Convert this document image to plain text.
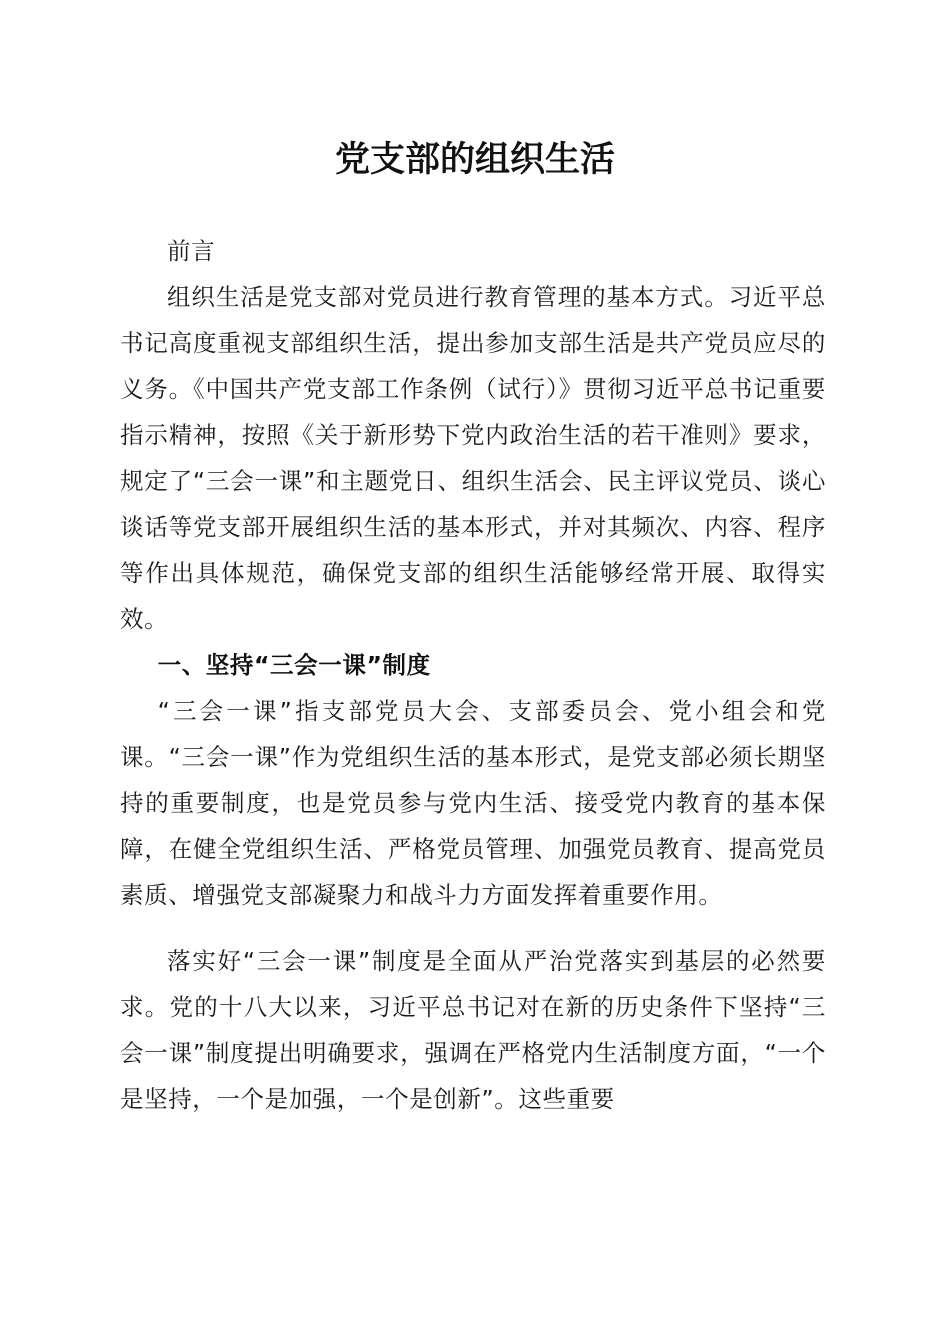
党支部的组织生活

前言

组织生活是党支部对党员进行教育管理的基本方式。习近平总书记高度重视支部组织生活，提出参加支部生活是共产党员应尽的义务。《中国共产党支部工作条例（试行）》贯彻习近平总书记重要指示精神，按照《关于新形势下党内政治生活的若干准则》要求，规定了“三会一课”和主题党日、组织生活会、民主评议党员、谈心谈话等党支部开展组织生活的基本形式，并对其频次、内容、程序等作出具体规范，确保党支部的组织生活能够经常开展、取得实效。

一、坚持“三会一课”制度

“三会一课”指支部党员大会、支部委员会、党小组会和党课。“三会一课”作为党组织生活的基本形式，是党支部必须长期坚持的重要制度，也是党员参与党内生活、接受党内教育的基本保障，在健全党组织生活、严格党员管理、加强党员教育、提高党员素质、增强党支部凝聚力和战斗力方面发挥着重要作用。

落实好“三会一课”制度是全面从严治党落实到基层的必然要求。党的十八大以来，习近平总书记对在新的历史条件下坚持“三会一课”制度提出明确要求，强调在严格党内生活制度方面，“一个是坚持，一个是加强，一个是创新”。这些重要
